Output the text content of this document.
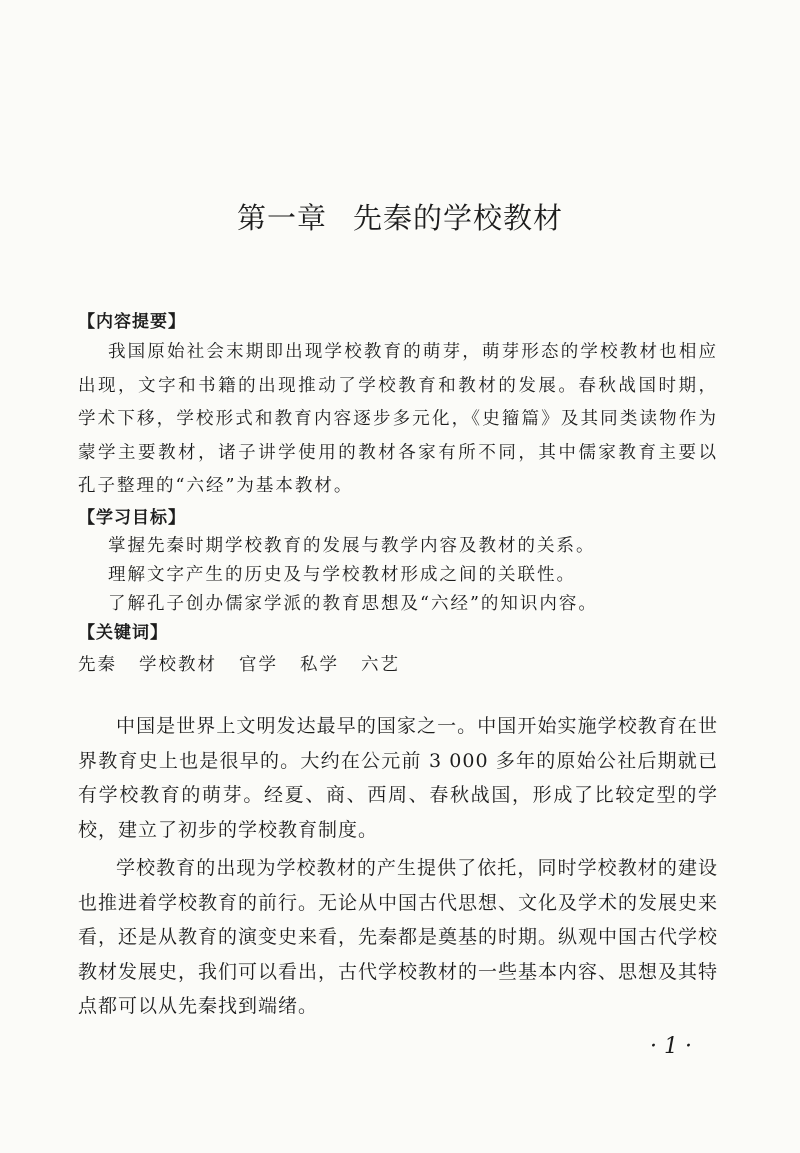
第一章 先秦的学校教材
【内容提要】
我国原始社会末期即出现学校教育的萌芽，萌芽形态的学校教材也相应出现，文字和书籍的出现推动了学校教育和教材的发展。春秋战国时期，学术下移，学校形式和教育内容逐步多元化，《史籀篇》及其同类读物作为蒙学主要教材，诸子讲学使用的教材各家有所不同，其中儒家教育主要以孔子整理的“六经”为基本教材。
【学习目标】
掌握先秦时期学校教育的发展与教学内容及教材的关系。
理解文字产生的历史及与学校教材形成之间的关联性。
了解孔子创办儒家学派的教育思想及“六经”的知识内容。
【关键词】
先秦 学校教材 官学 私学 六艺

中国是世界上文明发达最早的国家之一。中国开始实施学校教育在世界教育史上也是很早的。大约在公元前 3 000 多年的原始公社后期就已有学校教育的萌芽。经夏、商、西周、春秋战国，形成了比较定型的学校，建立了初步的学校教育制度。

学校教育的出现为学校教材的产生提供了依托，同时学校教材的建设也推进着学校教育的前行。无论从中国古代思想、文化及学术的发展史来看，还是从教育的演变史来看，先秦都是奠基的时期。纵观中国古代学校教材发展史，我们可以看出，古代学校教材的一些基本内容、思想及其特点都可以从先秦找到端绪。

· 1 ·
